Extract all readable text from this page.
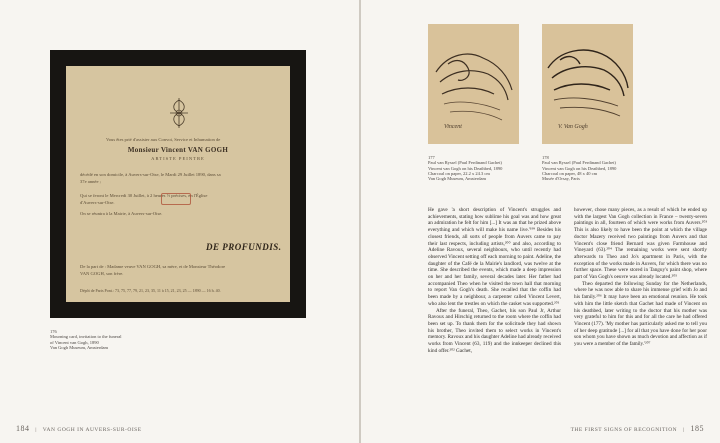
Vous êtes prié d'assister aux Convoi, Service et Inhumation de
Monsieur Vincent VAN GOGH
ARTISTE PEINTRE
décédé en son domicile, à Auvers-sur-Oise, le Mardi 29 Juillet 1890, dans sa
37e année ;
Qui se feront le Mercredi 30 Juillet, à 2 heures ½ précises, en l'Église
d'Auvers-sur-Oise.
On se réunira à la Mairie, à Auvers-sur-Oise.
DE PROFUNDIS.
De la part de : Madame veuve VAN GOGH, sa mère, et de Monsieur Théodore
VAN GOGH, son frère.
Dépôt de Paris Pont.: 73, 75, 77, 79, 21, 23, 35, 11 à 15, 21, 23, 25 — 1890 — 16 h. 40.
176
Mourning card, invitation to the funeral
of Vincent van Gogh, 1890
Van Gogh Museum, Amsterdam
184 | VAN GOGH IN AUVERS-SUR-OISE
Vincent	V. Van Gogh
177
Paul van Ryssel (Paul Ferdinand Gachet)
Vincent van Gogh on his Deathbed, 1890
Charcoal on paper, 22.2 x 24.3 cm
Van Gogh Museum, Amsterdam
178
Paul van Ryssel (Paul Ferdinand Gachet)
Vincent van Gogh on his Deathbed, 1890
Charcoal on paper, 48 x 40 cm
Musée d'Orsay, Paris

He gave 'a short description of Vincent's struggles and achievements, stating how sublime his goal was and how great an admiration he felt for him [...] It was an that he prized above everything and which will make his name live.'¹⁹⁹ Besides his closest friends, all sorts of people from Auvers came to pay their last respects, including artists,²⁰⁰ and also, according to Adeline Ravoux, several neighbours, who until recently had observed Vincent setting off each morning to paint. Adeline, the daughter of the Café de la Mairie's landlord, was twelve at the time. She described the events, which made a deep impression on her and her family, several decades later. Her father had accompanied Theo when he visited the town hall that morning to report Van Gogh's death. She recalled that the coffin had been made by a neighbour, a carpenter called Vincent Levert, who also lent the trestles on which the casket was supported.²⁰¹

After the funeral, Theo, Gachet, his son Paul Jr, Arthur Ravoux and Hirschig returned to the room where the coffin had been set up. To thank them for the solicitude they had shown his brother, Theo invited them to select works in Vincent's memory. Ravoux and his daughter Adeline had already received works from Vincent (63, 119) and the innkeeper declined this kind offer.²⁰² Gachet,

however, chose many pieces, as a result of which he ended up with the largest Van Gogh collection in France – twenty-seven paintings in all, fourteen of which were works from Auvers.²⁰³ This is also likely to have been the point at which the village doctor Mazery received two paintings from Auvers and that Vincent's close friend Bernard was given Farmhouse and Vineyard (63).²⁰⁴ The remaining works were sent shortly afterwards to Theo and Jo's apartment in Paris, with the exception of the works made in Auvers, for which there was no further space. These were stored in Tanguy's paint shop, where part of Van Gogh's oeuvre was already located.²⁰⁵

Theo departed the following Sunday for the Netherlands, where he was now able to share his immense grief with Jo and his family.²⁰⁶ It may have been an emotional reunion. He took with him the little sketch that Gachet had made of Vincent on his deathbed, later writing to the doctor that his mother was very grateful to him for this and for all the care he had offered Vincent (177). 'My mother has particularly asked me to tell you of her deep gratitude [...] for all that you have done for her poor son whom you have shown as much devotion and affection as if you were a member of the family.'²⁰⁷

THE FIRST SIGNS OF RECOGNITION | 185
